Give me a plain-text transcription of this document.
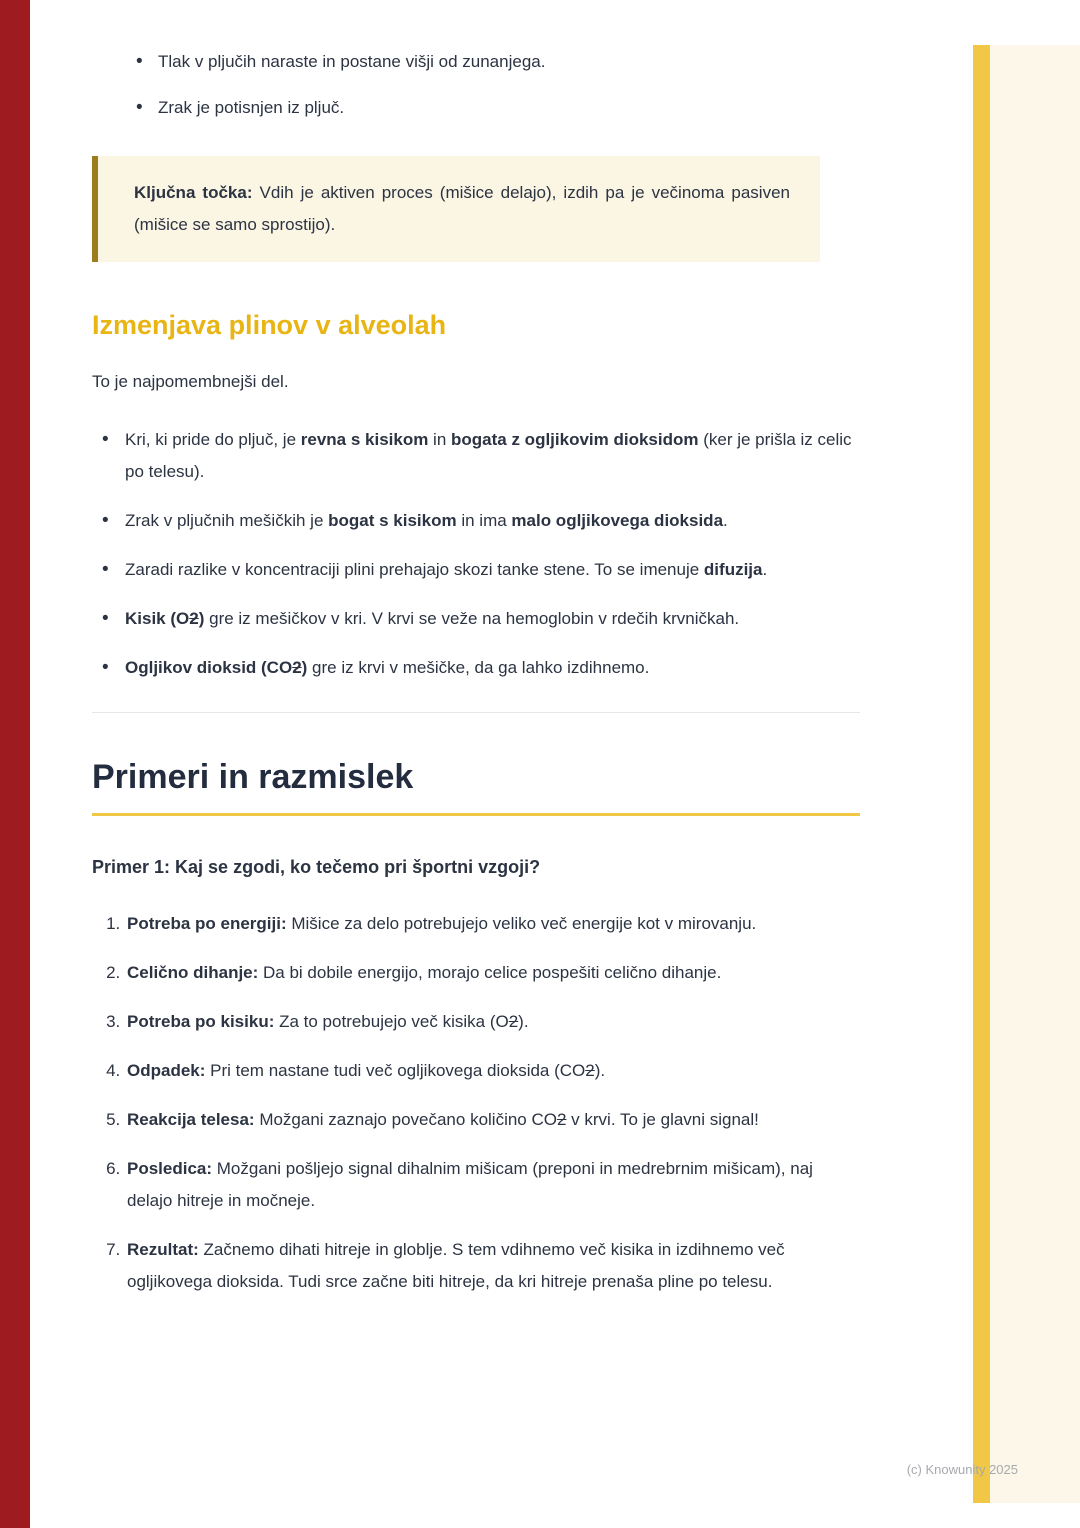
• Tlak v pljučih naraste in postane višji od zunanjega.
• Zrak je potisnjen iz pljuč.

Ključna točka: Vdih je aktiven proces (mišice delajo), izdih pa je večinoma pasiven (mišice se samo sprostijo).

Izmenjava plinov v alveolah

To je najpomembnejši del.

• Kri, ki pride do pljuč, je revna s kisikom in bogata z ogljikovim dioksidom (ker je prišla iz celic po telesu).
• Zrak v pljučnih mešičkih je bogat s kisikom in ima malo ogljikovega dioksida.
• Zaradi razlike v koncentraciji plini prehajajo skozi tanke stene. To se imenuje difuzija.
• Kisik (O2) gre iz mešičkov v kri. V krvi se veže na hemoglobin v rdečih krvničkah.
• Ogljikov dioksid (CO2) gre iz krvi v mešičke, da ga lahko izdihnemo.
Primeri in razmislek

Primer 1: Kaj se zgodi, ko tečemo pri športni vzgoji?

1. Potreba po energiji: Mišice za delo potrebujejo veliko več energije kot v mirovanju.
2. Celično dihanje: Da bi dobile energijo, morajo celice pospešiti celično dihanje.
3. Potreba po kisiku: Za to potrebujejo več kisika (O2).
4. Odpadek: Pri tem nastane tudi več ogljikovega dioksida (CO2).
5. Reakcija telesa: Možgani zaznajo povečano količino CO2 v krvi. To je glavni signal!
6. Posledica: Možgani pošljejo signal dihalnim mišicam (preponi in medrebrnim mišicam), naj delajo hitreje in močneje.
7. Rezultat: Začnemo dihati hitreje in globlje. S tem vdihnemo več kisika in izdihnemo več ogljikovega dioksida. Tudi srce začne biti hitreje, da kri hitreje prenaša pline po telesu.
(c) Knowunity 2025
